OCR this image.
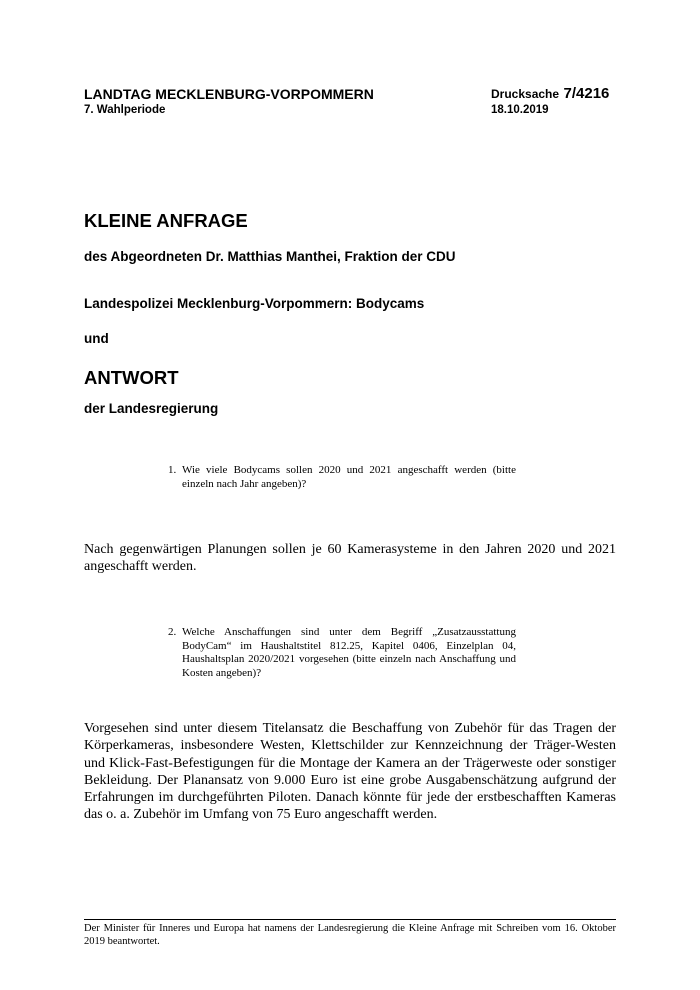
LANDTAG MECKLENBURG-VORPOMMERN
7. Wahlperiode
Drucksache 7/4216
18.10.2019
KLEINE ANFRAGE
des Abgeordneten Dr. Matthias Manthei, Fraktion der CDU
Landespolizei Mecklenburg-Vorpommern: Bodycams
und
ANTWORT
der Landesregierung
1. Wie viele Bodycams sollen 2020 und 2021 angeschafft werden (bitte einzeln nach Jahr angeben)?
Nach gegenwärtigen Planungen sollen je 60 Kamerasysteme in den Jahren 2020 und 2021 angeschafft werden.
2. Welche Anschaffungen sind unter dem Begriff „Zusatzausstattung BodyCam“ im Haushaltstitel 812.25, Kapitel 0406, Einzelplan 04, Haushaltsplan 2020/2021 vorgesehen (bitte einzeln nach Anschaffung und Kosten angeben)?
Vorgesehen sind unter diesem Titelansatz die Beschaffung von Zubehör für das Tragen der Körperkameras, insbesondere Westen, Klettschilder zur Kennzeichnung der Träger-Westen und Klick-Fast-Befestigungen für die Montage der Kamera an der Trägerweste oder sonstiger Bekleidung. Der Planansatz von 9.000 Euro ist eine grobe Ausgabenschätzung aufgrund der Erfahrungen im durchgeführten Piloten. Danach könnte für jede der erstbeschafften Kameras das o. a. Zubehör im Umfang von 75 Euro angeschafft werden.
Der Minister für Inneres und Europa hat namens der Landesregierung die Kleine Anfrage mit Schreiben vom 16. Oktober 2019 beantwortet.
